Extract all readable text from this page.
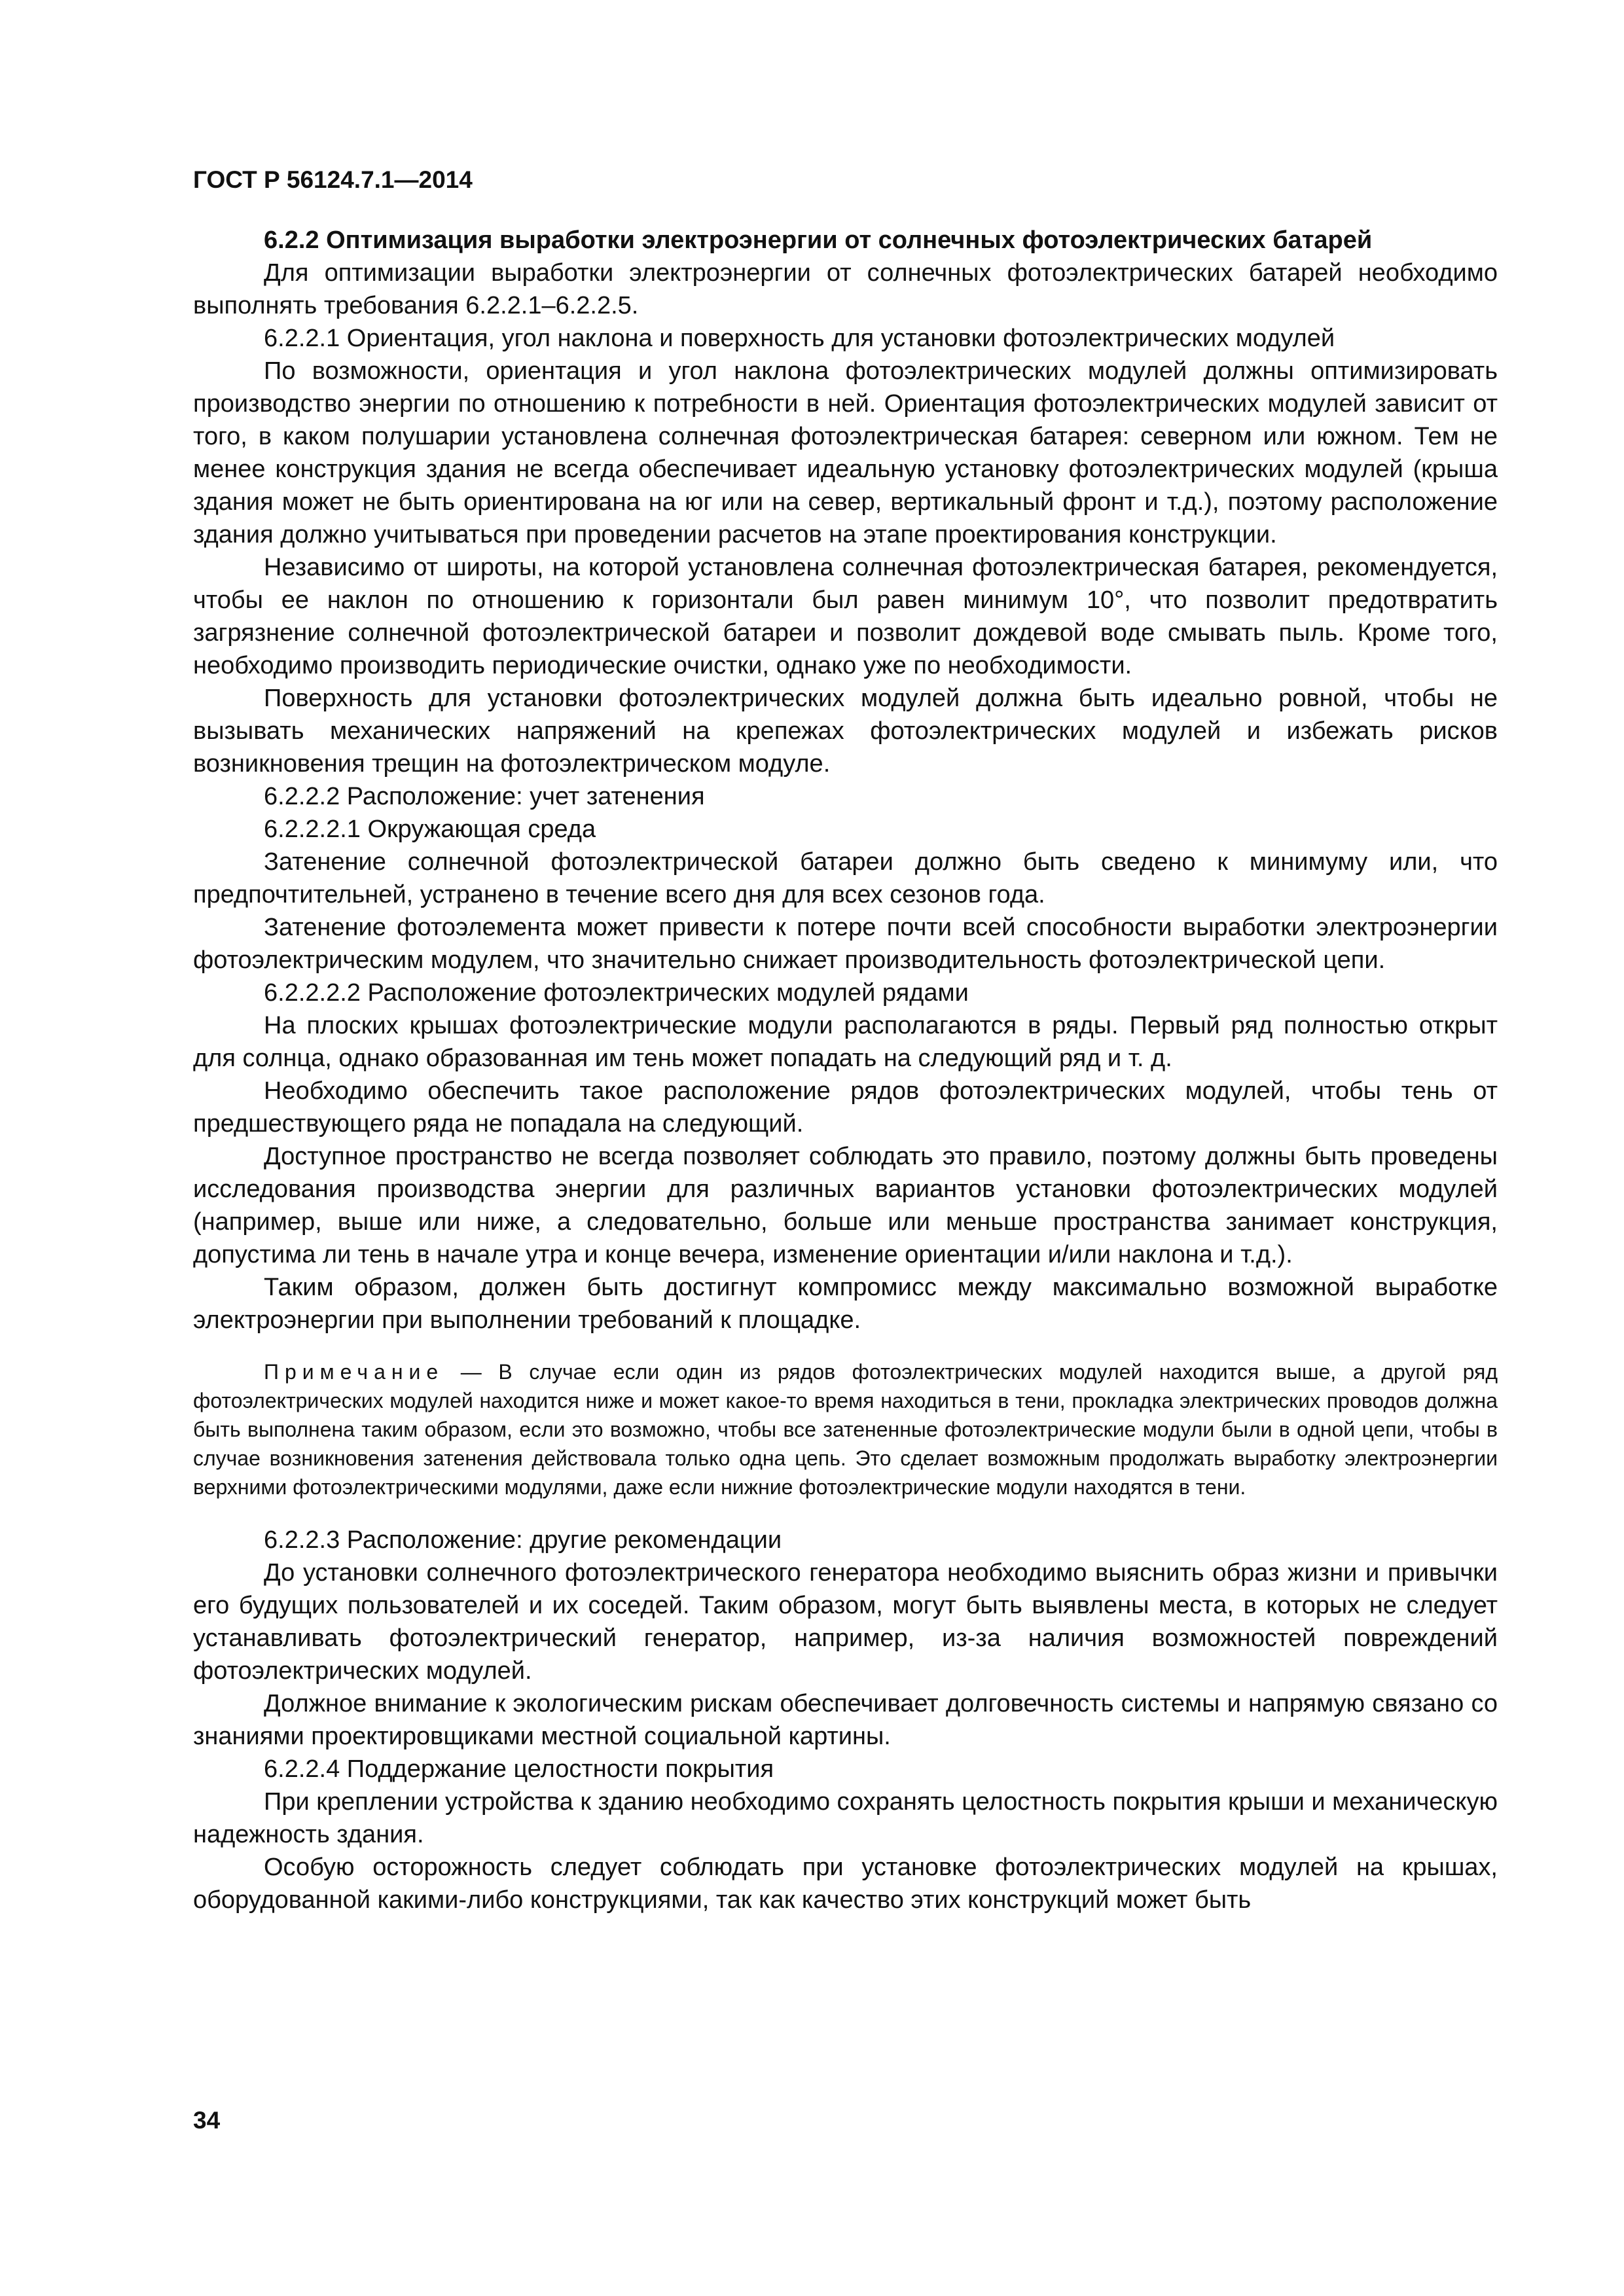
ГОСТ Р 56124.7.1—2014

6.2.2 Оптимизация выработки электроэнергии от солнечных фотоэлектрических батарей

Для оптимизации выработки электроэнергии от солнечных фотоэлектрических батарей необходимо выполнять требования 6.2.2.1–6.2.2.5.

6.2.2.1 Ориентация, угол наклона и поверхность для установки фотоэлектрических модулей

По возможности, ориентация и угол наклона фотоэлектрических модулей должны оптимизировать производство энергии по отношению к потребности в ней. Ориентация фотоэлектрических модулей зависит от того, в каком полушарии установлена солнечная фотоэлектрическая батарея: северном или южном. Тем не менее конструкция здания не всегда обеспечивает идеальную установку фотоэлектрических модулей (крыша здания может не быть ориентирована на юг или на север, вертикальный фронт и т.д.), поэтому расположение здания должно учитываться при проведении расчетов на этапе проектирования конструкции.

Независимо от широты, на которой установлена солнечная фотоэлектрическая батарея, рекомендуется, чтобы ее наклон по отношению к горизонтали был равен минимум 10°, что позволит предотвратить загрязнение солнечной фотоэлектрической батареи и позволит дождевой воде смывать пыль. Кроме того, необходимо производить периодические очистки, однако уже по необходимости.

Поверхность для установки фотоэлектрических модулей должна быть идеально ровной, чтобы не вызывать механических напряжений на крепежах фотоэлектрических модулей и избежать рисков возникновения трещин на фотоэлектрическом модуле.

6.2.2.2 Расположение: учет затенения

6.2.2.2.1 Окружающая среда

Затенение солнечной фотоэлектрической батареи должно быть сведено к минимуму или, что предпочтительней, устранено в течение всего дня для всех сезонов года.

Затенение фотоэлемента может привести к потере почти всей способности выработки электроэнергии фотоэлектрическим модулем, что значительно снижает производительность фотоэлектрической цепи.

6.2.2.2.2 Расположение фотоэлектрических модулей рядами

На плоских крышах фотоэлектрические модули располагаются в ряды. Первый ряд полностью открыт для солнца, однако образованная им тень может попадать на следующий ряд и т. д.

Необходимо обеспечить такое расположение рядов фотоэлектрических модулей, чтобы тень от предшествующего ряда не попадала на следующий.

Доступное пространство не всегда позволяет соблюдать это правило, поэтому должны быть проведены исследования производства энергии для различных вариантов установки фотоэлектрических модулей (например, выше или ниже, а следовательно, больше или меньше пространства занимает конструкция, допустима ли тень в начале утра и конце вечера, изменение ориентации и/или наклона и т.д.).

Таким образом, должен быть достигнут компромисс между максимально возможной выработке электроэнергии при выполнении требований к площадке.

Примечание — В случае если один из рядов фотоэлектрических модулей находится выше, а другой ряд фотоэлектрических модулей находится ниже и может какое-то время находиться в тени, прокладка электрических проводов должна быть выполнена таким образом, если это возможно, чтобы все затененные фотоэлектрические модули были в одной цепи, чтобы в случае возникновения затенения действовала только одна цепь. Это сделает возможным продолжать выработку электроэнергии верхними фотоэлектрическими модулями, даже если нижние фотоэлектрические модули находятся в тени.

6.2.2.3 Расположение: другие рекомендации

До установки солнечного фотоэлектрического генератора необходимо выяснить образ жизни и привычки его будущих пользователей и их соседей. Таким образом, могут быть выявлены места, в которых не следует устанавливать фотоэлектрический генератор, например, из-за наличия возможностей повреждений фотоэлектрических модулей.

Должное внимание к экологическим рискам обеспечивает долговечность системы и напрямую связано со знаниями проектировщиками местной социальной картины.

6.2.2.4 Поддержание целостности покрытия

При креплении устройства к зданию необходимо сохранять целостность покрытия крыши и механическую надежность здания.

Особую осторожность следует соблюдать при установке фотоэлектрических модулей на крышах, оборудованной какими-либо конструкциями, так как качество этих конструкций может быть

34
